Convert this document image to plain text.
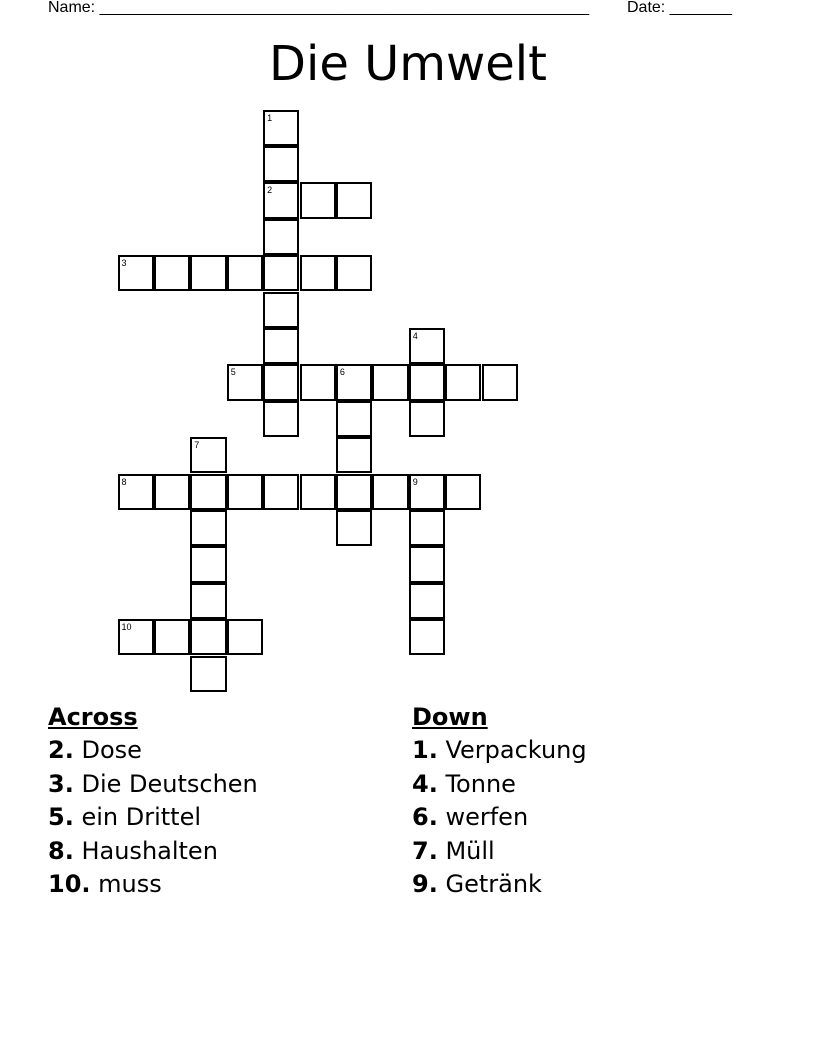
Name: _______________________________________________________ Date: _______
Die Umwelt
1
2
3
4
5	6
7
8	9
10
Across
2. Dose
3. Die Deutschen
5. ein Drittel
8. Haushalten
10. muss
Down
1. Verpackung
4. Tonne
6. werfen
7. Müll
9. Getränk
